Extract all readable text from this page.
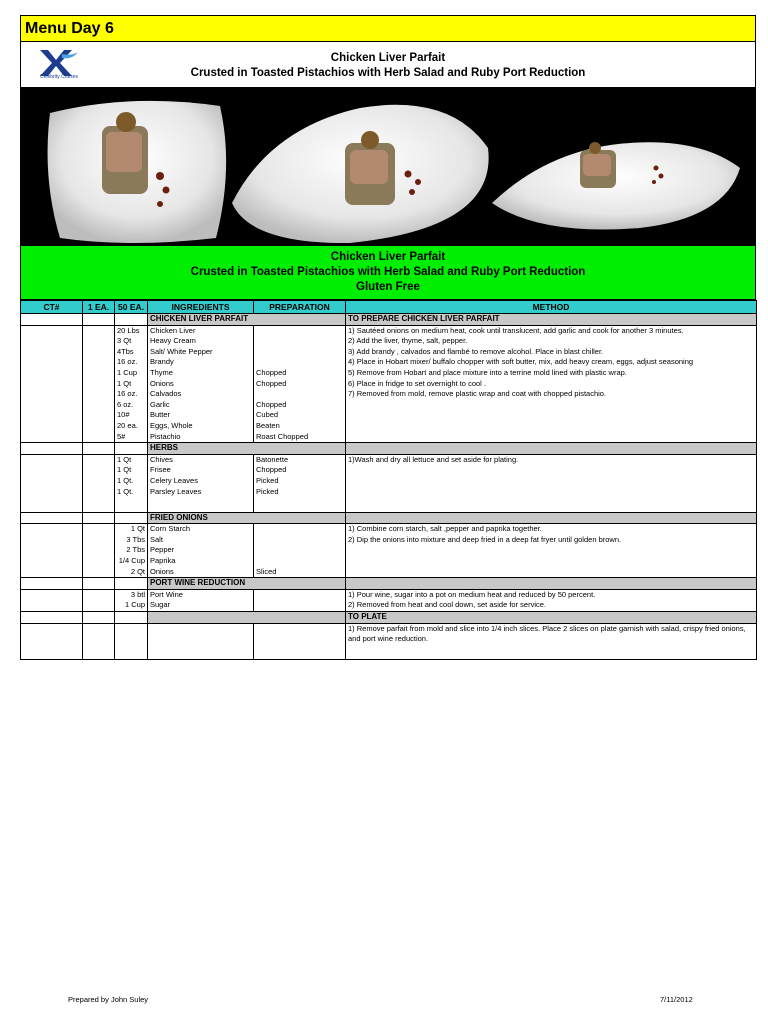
Menu Day 6
Celebrity Cruises
Chicken Liver Parfait
Crusted in Toasted Pistachios with Herb Salad and Ruby Port Reduction
Chicken Liver Parfait
Crusted in Toasted Pistachios with Herb Salad and Ruby Port Reduction
Gluten Free
CT#	1 EA.	50 EA.	INGREDIENTS	PREPARATION	METHOD
			CHICKEN LIVER PARFAIT		TO PREPARE CHICKEN LIVER PARFAIT
		20 Lbs	Chicken Liver		1) Sautéed onions on medium heat, cook until translucent, add garlic and cook for another 3 minutes.
		3 Qt	Heavy Cream		2) Add the liver, thyme, salt, pepper.
		4Tbs	Salt/ White Pepper		3) Add brandy , calvados and flambé to remove alcohol. Place in blast chiller.
		16 oz.	Brandy		4) Place in Hobart mixer/ buffalo chopper with soft butter, mix, add heavy cream, eggs, adjust seasoning
		1 Cup	Thyme	Chopped	5) Remove from Hobart and place mixture into a terrine mold lined with plastic wrap.
		1 Qt	Onions	Chopped	6) Place in fridge to set overnight to cool .
		16 oz.	Calvados		7) Removed from mold, remove plastic wrap and coat with chopped pistachio.
		6 oz.	Garlic	Chopped	
		10#	Butter	Cubed	
		20 ea.	Eggs, Whole	Beaten	
		5#	Pistachio	Roast Chopped	
			HERBS		
		1 Qt	Chives	Batonette	1)Wash and dry all lettuce and set aside for plating.
		1 Qt	Frisee	Chopped	
		1 Qt.	Celery Leaves	Picked	
		1 Qt.	Parsley Leaves	Picked	

			FRIED ONIONS		
		1 Qt	Corn Starch		1) Combine corn starch, salt ,pepper and paprika together.
		3 Tbs	Salt		2) Dip the onions into mixture and deep fried in a deep fat fryer until golden brown.
		2 Tbs	Pepper		
		1/4 Cup	Paprika		
		2 Qt	Onions	Sliced	
			PORT WINE REDUCTION		
		3 btl	Port Wine		1) Pour wine, sugar into a pot on medium heat and reduced by 50 percent.
		1 Cup	Sugar		2) Removed from heat and cool down, set aside for service.
					TO PLATE
					1) Remove parfait from mold and slice into 1/4 inch slices. Place 2 slices on plate garnish with salad, crispy fried onions, and port wine reduction.
Prepared by John Suley	7/11/2012
